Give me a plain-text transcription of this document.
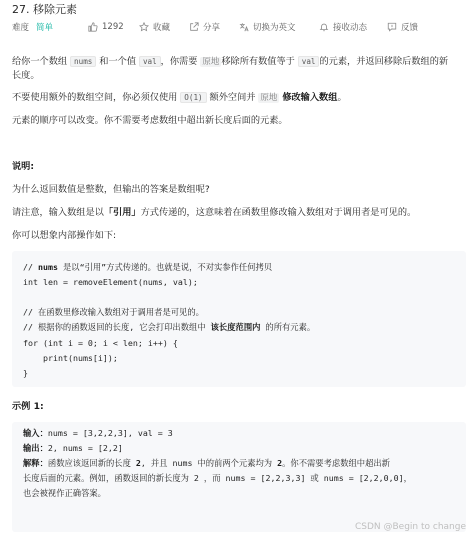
27. 移除元素
难度 简单	1292	收藏	分享	切换为英文	接收动态	反馈
给你一个数组 nums 和一个值 val ，你需要 原地 移除所有数值等于 val 的元素，并返回移除后数组的新
长度。
不要使用额外的数组空间，你必须仅使用 O(1) 额外空间并 原地 修改输入数组。
元素的顺序可以改变。你不需要考虑数组中超出新长度后面的元素。
说明:
为什么返回数值是整数，但输出的答案是数组呢?
请注意，输入数组是以「引用」方式传递的，这意味着在函数里修改输入数组对于调用者是可见的。
你可以想象内部操作如下:
// nums 是以“引用”方式传递的。也就是说，不对实参作任何拷贝
int len = removeElement(nums, val);
// 在函数里修改输入数组对于调用者是可见的。
// 根据你的函数返回的长度, 它会打印出数组中 该长度范围内 的所有元素。
for (int i = 0; i < len; i++) {
print(nums[i]);
}
示例 1:
输入：nums = [3,2,2,3], val = 3
输出：2, nums = [2,2]
解释：函数应该返回新的长度 2, 并且 nums 中的前两个元素均为 2。你不需要考虑数组中超出新
长度后面的元素。例如，函数返回的新长度为 2 ，而 nums = [2,2,3,3] 或 nums = [2,2,0,0]，
也会被视作正确答案。
CSDN @Begin to change
